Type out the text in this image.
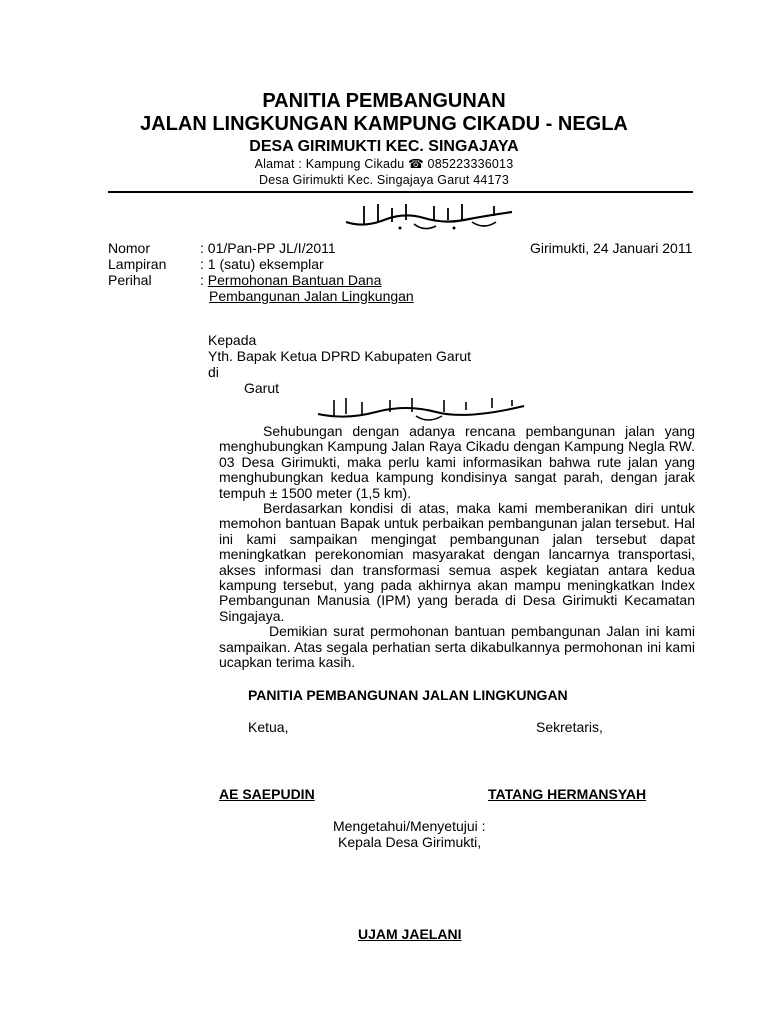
PANITIA PEMBANGUNAN
JALAN LINGKUNGAN KAMPUNG CIKADU - NEGLA
DESA GIRIMUKTI KEC. SINGAJAYA
Alamat : Kampung Cikadu ☎ 085223336013
Desa Girimukti Kec. Singajaya Garut 44173
Nomor	: 01/Pan-PP JL/I/2011	Girimukti, 24 Januari 2011
Lampiran : 1 (satu) eksemplar
Perihal	: Permohonan Bantuan Dana
Pembangunan Jalan Lingkungan
Kepada
Yth. Bapak Ketua DPRD Kabupaten Garut
di
Garut

Sehubungan dengan adanya rencana pembangunan jalan yang menghubungkan Kampung Jalan Raya Cikadu dengan Kampung Negla RW. 03 Desa Girimukti, maka perlu kami informasikan bahwa rute jalan yang menghubungkan kedua kampung kondisinya sangat parah, dengan jarak tempuh ± 1500 meter (1,5 km).

Berdasarkan kondisi di atas, maka kami memberanikan diri untuk memohon bantuan Bapak untuk perbaikan pembangunan jalan tersebut. Hal ini kami sampaikan mengingat pembangunan jalan tersebut dapat meningkatkan perekonomian masyarakat dengan lancarnya transportasi, akses informasi dan transformasi semua aspek kegiatan antara kedua kampung tersebut, yang pada akhirnya akan mampu meningkatkan Index Pembangunan Manusia (IPM) yang berada di Desa Girimukti Kecamatan Singajaya.

Demikian surat permohonan bantuan pembangunan Jalan ini kami sampaikan. Atas segala perhatian serta dikabulkannya permohonan ini kami ucapkan terima kasih.

PANITIA PEMBANGUNAN JALAN LINGKUNGAN
Ketua,	Sekretaris,
AE SAEPUDIN	TATANG HERMANSYAH
Mengetahui/Menyetujui :
Kepala Desa Girimukti,
UJAM JAELANI
